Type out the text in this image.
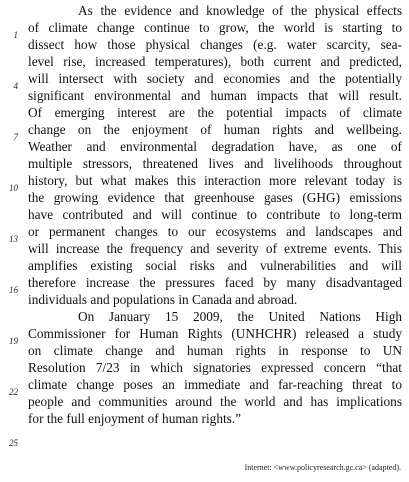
1
4
7
10
13
16
19
22
25
As the evidence and knowledge of the physical effects
of climate change continue to grow, the world is starting to
dissect how those physical changes (e.g. water scarcity, sea-
level rise, increased temperatures), both current and predicted,
will intersect with society and economies and the potentially
significant environmental and human impacts that will result.
Of emerging interest are the potential impacts of climate
change on the enjoyment of human rights and wellbeing.
Weather and environmental degradation have, as one of
multiple stressors, threatened lives and livelihoods throughout
history, but what makes this interaction more relevant today is
the growing evidence that greenhouse gases (GHG) emissions
have contributed and will continue to contribute to long-term
or permanent changes to our ecosystems and landscapes and
will increase the frequency and severity of extreme events. This
amplifies existing social risks and vulnerabilities and will
therefore increase the pressures faced by many disadvantaged
individuals and populations in Canada and abroad.
On January 15 2009, the United Nations High
Commissioner for Human Rights (UNHCHR) released a study
on climate change and human rights in response to UN
Resolution 7/23 in which signatories expressed concern “that
climate change poses an immediate and far-reaching threat to
people and communities around the world and has implications
for the full enjoyment of human rights.”
Internet: <www.policyresearch.gc.ca> (adapted).
